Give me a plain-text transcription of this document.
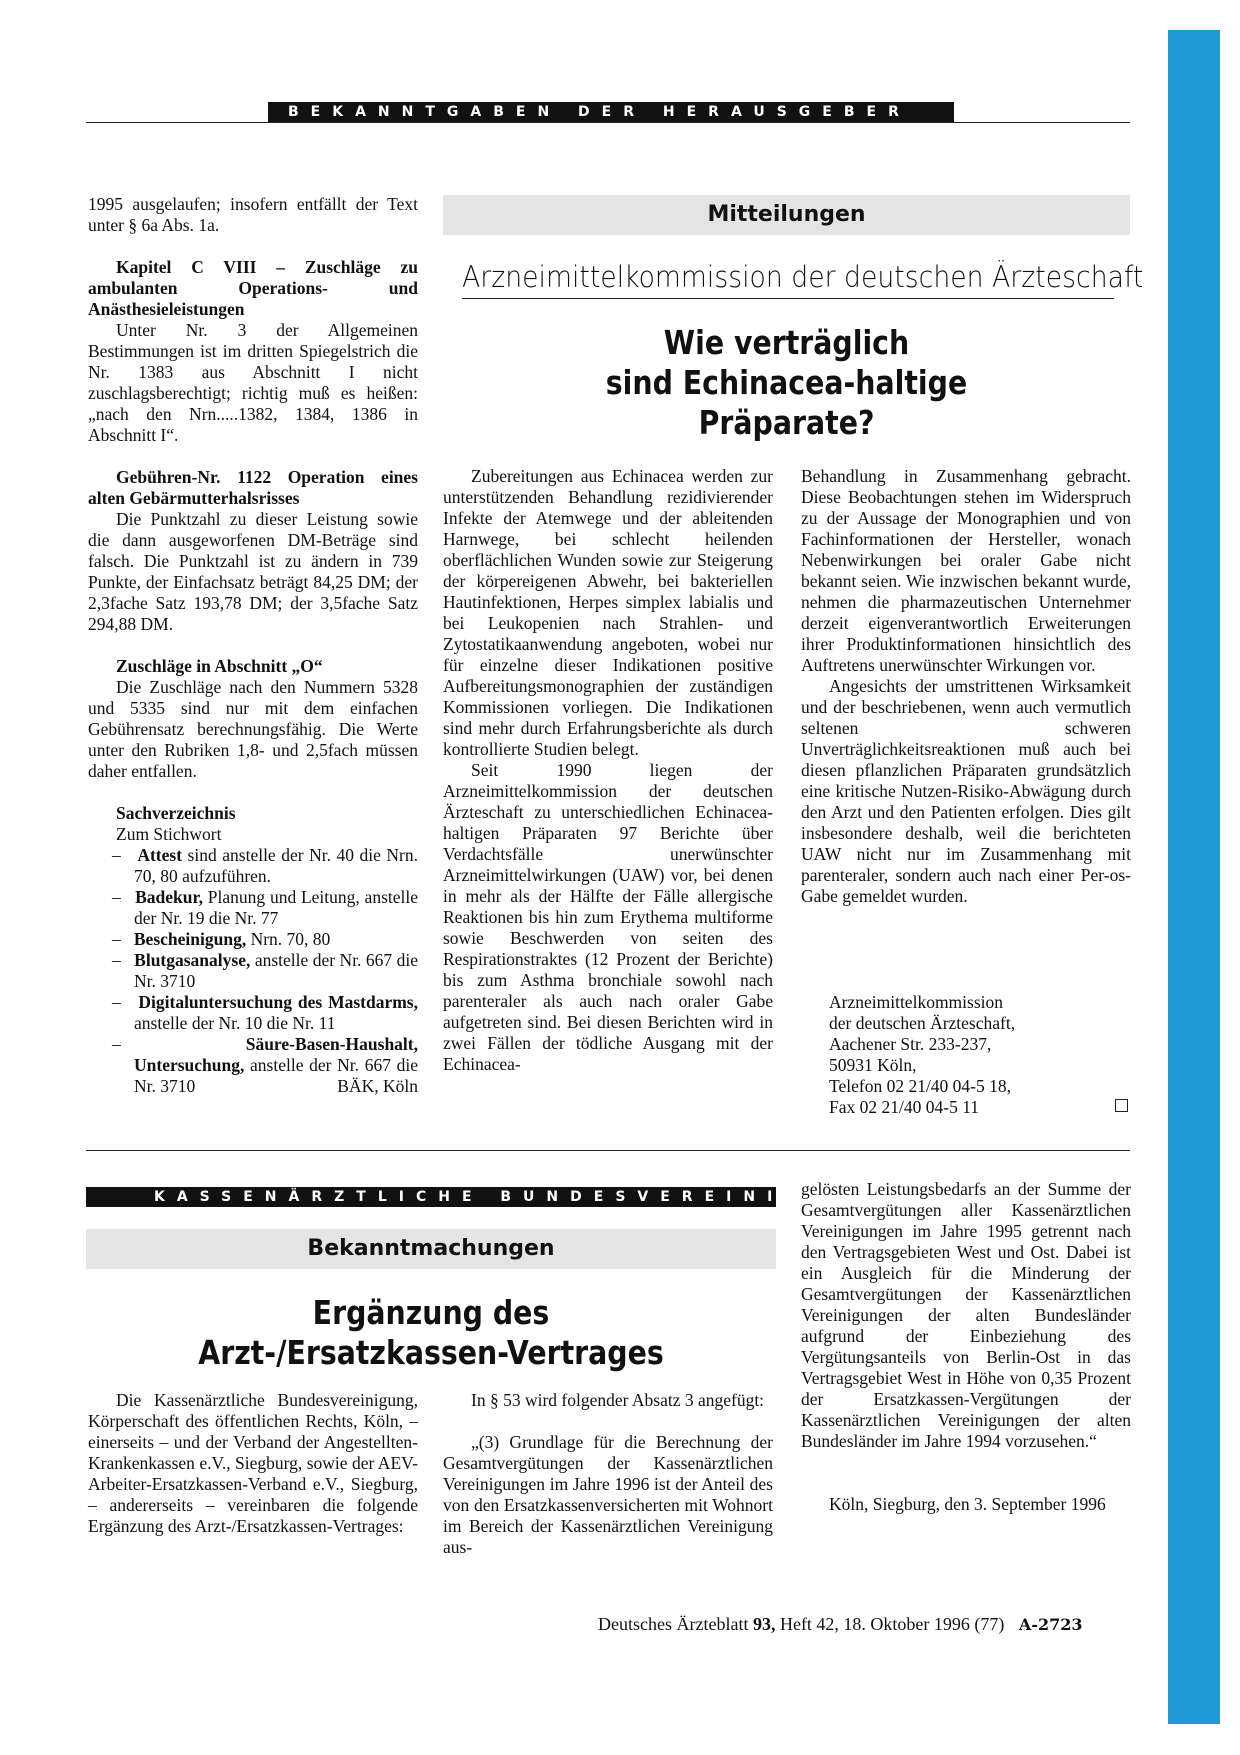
BEKANNTGABEN DER HERAUSGEBER

1995 ausgelaufen; insofern entfällt der Text unter § 6a Abs. 1a.

Kapitel C VIII – Zuschläge zu ambulanten Operations- und Anästhesieleistungen

Unter Nr. 3 der Allgemeinen Bestimmungen ist im dritten Spiegelstrich die Nr. 1383 aus Abschnitt I nicht zuschlagsberechtigt; richtig muß es heißen: „nach den Nrn.....1382, 1384, 1386 in Abschnitt I“.

Gebühren-Nr. 1122 Operation eines alten Gebärmutterhalsrisses

Die Punktzahl zu dieser Leistung sowie die dann ausgeworfenen DM-Beträge sind falsch. Die Punktzahl ist zu ändern in 739 Punkte, der Einfachsatz beträgt 84,25 DM; der 2,3fache Satz 193,78 DM; der 3,5fache Satz 294,88 DM.

Zuschläge in Abschnitt „O“

Die Zuschläge nach den Nummern 5328 und 5335 sind nur mit dem einfachen Gebührensatz berechnungsfähig. Die Werte unter den Rubriken 1,8- und 2,5fach müssen daher entfallen.

Sachverzeichnis

Zum Stichwort

–   Attest sind anstelle der Nr. 40 die Nrn. 70, 80 aufzuführen.

–   Badekur, Planung und Leitung, anstelle der Nr. 19 die Nr. 77

–   Bescheinigung, Nrn. 70, 80

–   Blutgasanalyse, anstelle der Nr. 667 die Nr. 3710

–   Digitaluntersuchung des Mastdarms, anstelle der Nr. 10 die Nr. 11

–   Säure-Basen-Haushalt, Untersuchung, anstelle der Nr. 667 die Nr. 3710	BÄK, Köln

Mitteilungen
Arzneimittelkommission der deutschen Ärzteschaft
Wie verträglich
sind Echinacea-haltige
Präparate?

Zubereitungen aus Echinacea werden zur unterstützenden Behandlung rezidivierender Infekte der Atemwege und der ableitenden Harnwege, bei schlecht heilenden oberflächlichen Wunden sowie zur Steigerung der körpereigenen Abwehr, bei bakteriellen Hautinfektionen, Herpes simplex labialis und bei Leukopenien nach Strahlen- und Zytostatikaanwendung angeboten, wobei nur für einzelne dieser Indikationen positive Aufbereitungsmonographien der zuständigen Kommissionen vorliegen. Die Indikationen sind mehr durch Erfahrungsberichte als durch kontrollierte Studien belegt.

Seit 1990 liegen der Arzneimittelkommission der deutschen Ärzteschaft zu unterschiedlichen Echinacea-haltigen Präparaten 97 Berichte über Verdachtsfälle unerwünschter Arzneimittelwirkungen (UAW) vor, bei denen in mehr als der Hälfte der Fälle allergische Reaktionen bis hin zum Erythema multiforme sowie Beschwerden von seiten des Respirationstraktes (12 Prozent der Berichte) bis zum Asthma bronchiale sowohl nach parenteraler als auch nach oraler Gabe aufgetreten sind. Bei diesen Berichten wird in zwei Fällen der tödliche Ausgang mit der Echinacea-

Behandlung in Zusammenhang gebracht. Diese Beobachtungen stehen im Widerspruch zu der Aussage der Monographien und von Fachinformationen der Hersteller, wonach Nebenwirkungen bei oraler Gabe nicht bekannt seien. Wie inzwischen bekannt wurde, nehmen die pharmazeutischen Unternehmer derzeit eigenverantwortlich Erweiterungen ihrer Produktinformationen hinsichtlich des Auftretens unerwünschter Wirkungen vor.

Angesichts der umstrittenen Wirksamkeit und der beschriebenen, wenn auch vermutlich seltenen schweren Unverträglichkeitsreaktionen muß auch bei diesen pflanzlichen Präparaten grundsätzlich eine kritische Nutzen-Risiko-Abwägung durch den Arzt und den Patienten erfolgen. Dies gilt insbesondere deshalb, weil die berichteten UAW nicht nur im Zusammenhang mit parenteraler, sondern auch nach einer Per-os-Gabe gemeldet wurden.

Arzneimittelkommission
der deutschen Ärzteschaft,
Aachener Str. 233-237,
50931 Köln,
Telefon 02 21/40 04-5 18,
Fax 02 21/40 04-5 11
KASSENÄRZTLICHE BUNDESVEREINIGUNG
Bekanntmachungen
Ergänzung des
Arzt-/Ersatzkassen-Vertrages

Die Kassenärztliche Bundesvereinigung, Körperschaft des öffentlichen Rechts, Köln, – einerseits – und der Verband der Angestellten-Krankenkassen e.V., Siegburg, sowie der AEV-Arbeiter-Ersatzkassen-Verband e.V., Siegburg, – andererseits – vereinbaren die folgende Ergänzung des Arzt-/Ersatzkassen-Vertrages:

In § 53 wird folgender Absatz 3 angefügt:

„(3) Grundlage für die Berechnung der Gesamtvergütungen der Kassenärztlichen Vereinigungen im Jahre 1996 ist der Anteil des von den Ersatzkassenversicherten mit Wohnort im Bereich der Kassenärztlichen Vereinigung aus-

gelösten Leistungsbedarfs an der Summe der Gesamtvergütungen aller Kassenärztlichen Vereinigungen im Jahre 1995 getrennt nach den Vertragsgebieten West und Ost. Dabei ist ein Ausgleich für die Minderung der Gesamtvergütungen der Kassenärztlichen Vereinigungen der alten Bundesländer aufgrund der Einbeziehung des Vergütungsanteils von Berlin-Ost in das Vertragsgebiet West in Höhe von 0,35 Prozent der Ersatzkassen-Vergütungen der Kassenärztlichen Vereinigungen der alten Bundesländer im Jahre 1994 vorzusehen.“

Köln, Siegburg, den 3. September 1996

Deutsches Ärzteblatt 93, Heft 42, 18. Oktober 1996 (77) A-2723
